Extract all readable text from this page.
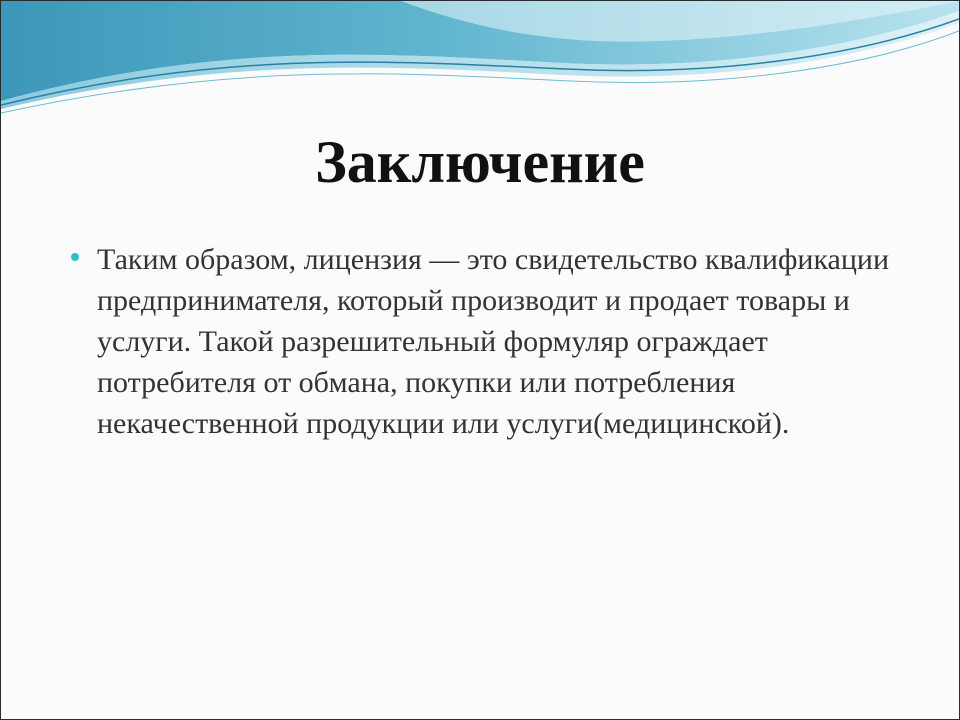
Заключение
Таким образом, лицензия — это свидетельство квалификации предпринимателя, который производит и продает товары и услуги. Такой разрешительный формуляр ограждает потребителя от обмана, покупки или потребления некачественной продукции или услуги(медицинской).
